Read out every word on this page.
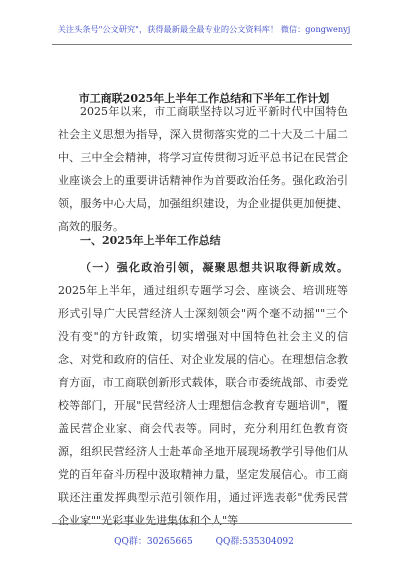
关注头条号"公文研究"，获得最新最全最专业的公文资料库！ 微信：gongwenyj
市工商联2025年上半年工作总结和下半年工作计划
2025年以来，市工商联坚持以习近平新时代中国特色社会主义思想为指导，深入贯彻落实党的二十大及二十届二中、三中全会精神，将学习宣传贯彻习近平总书记在民营企业座谈会上的重要讲话精神作为首要政治任务。强化政治引领，服务中心大局，加强组织建设，为企业提供更加便捷、高效的服务。
一、2025年上半年工作总结
（一）强化政治引领，凝聚思想共识取得新成效。2025年上半年，通过组织专题学习会、座谈会、培训班等形式引导广大民营经济人士深刻领会"两个毫不动摇""三个没有变"的方针政策，切实增强对中国特色社会主义的信念、对党和政府的信任、对企业发展的信心。在理想信念教育方面，市工商联创新形式载体，联合市委统战部、市委党校等部门，开展"民营经济人士理想信念教育专题培训"，覆盖民营企业家、商会代表等。同时，充分利用红色教育资源，组织民营经济人士赴革命圣地开展现场教学引导他们从党的百年奋斗历程中汲取精神力量，坚定发展信心。市工商联还注重发挥典型示范引领作用，通过评选表彰"优秀民营企业家""光彩事业先进集体和个人"等
QQ群：30265665	QQ群:535304092
